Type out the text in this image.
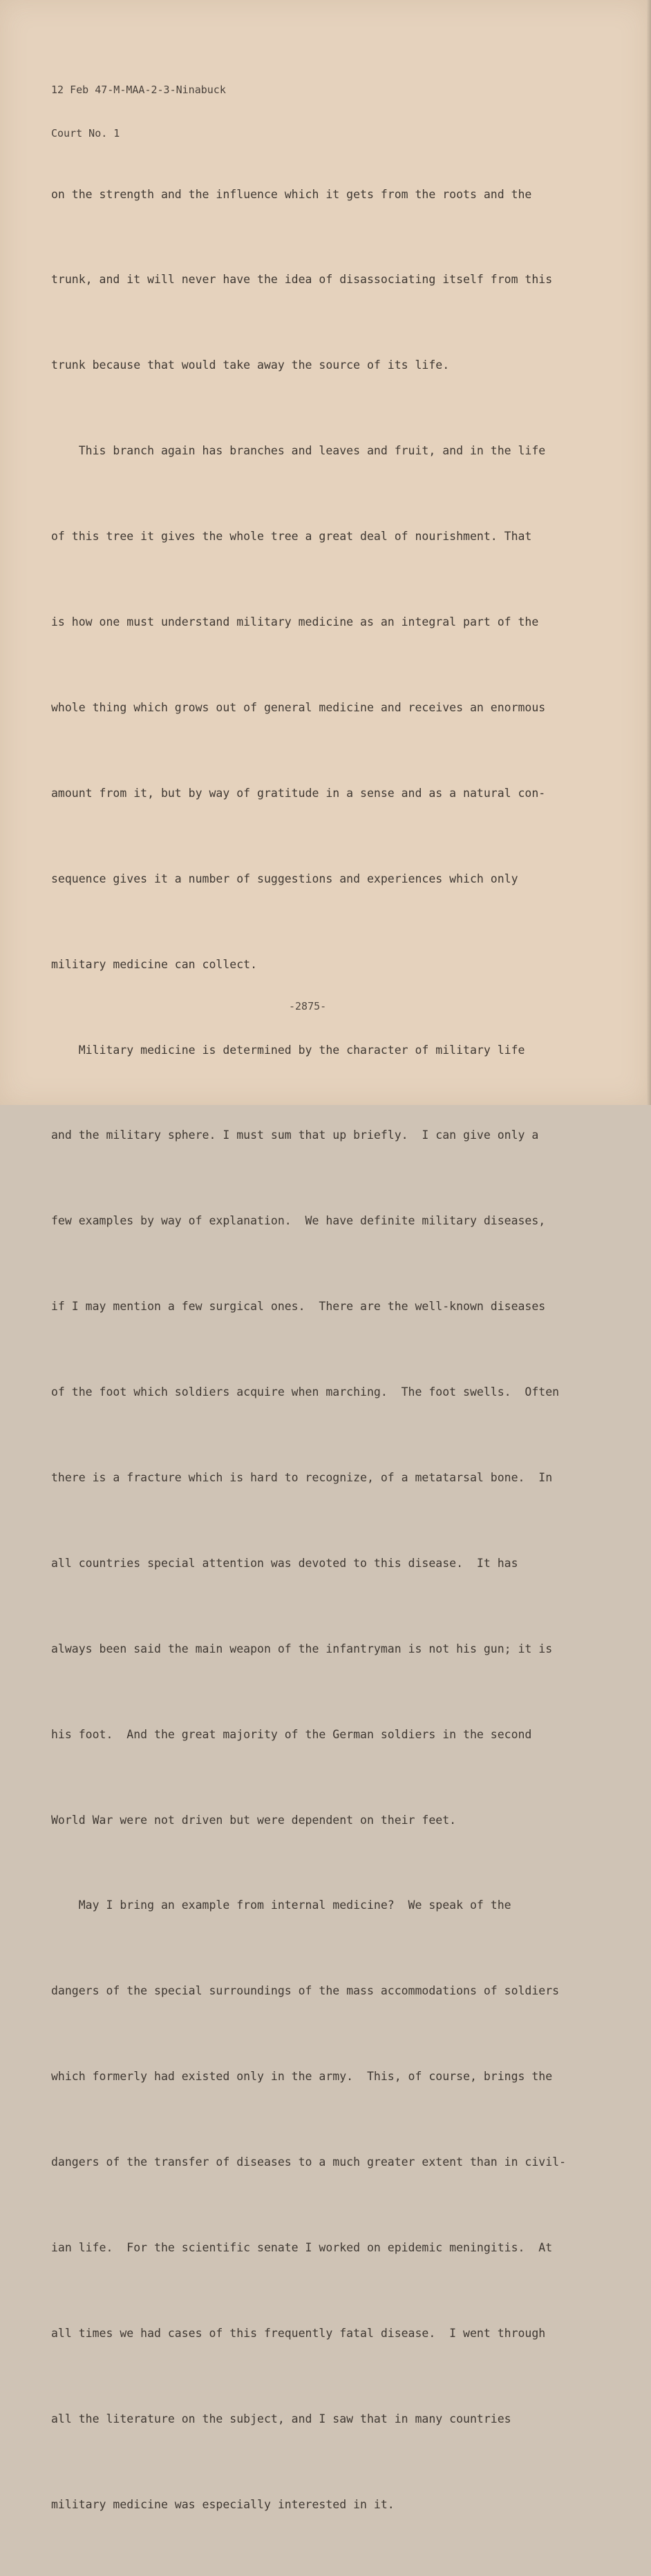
12 Feb 47-M-MAA-2-3-Ninabuck

Court No. 1

on the strength and the influence which it gets from the roots and the

trunk, and it will never have the idea of disassociating itself from this

trunk because that would take away the source of its life.

This branch again has branches and leaves and fruit, and in the life

of this tree it gives the whole tree a great deal of nourishment. That

is how one must understand military medicine as an integral part of the

whole thing which grows out of general medicine and receives an enormous

amount from it, but by way of gratitude in a sense and as a natural con-

sequence gives it a number of suggestions and experiences which only

military medicine can collect.

Military medicine is determined by the character of military life

and the military sphere. I must sum that up briefly.  I can give only a

few examples by way of explanation.  We have definite military diseases,

if I may mention a few surgical ones.  There are the well-known diseases

of the foot which soldiers acquire when marching.  The foot swells.  Often

there is a fracture which is hard to recognize, of a metatarsal bone.  In

all countries special attention was devoted to this disease.  It has

always been said the main weapon of the infantryman is not his gun; it is

his foot.  And the great majority of the German soldiers in the second

World War were not driven but were dependent on their feet.

May I bring an example from internal medicine?  We speak of the

dangers of the special surroundings of the mass accommodations of soldiers

which formerly had existed only in the army.  This, of course, brings the

dangers of the transfer of diseases to a much greater extent than in civil-

ian life.  For the scientific senate I worked on epidemic meningitis.  At

all times we had cases of this frequently fatal disease.  I went through

all the literature on the subject, and I saw that in many countries

military medicine was especially interested in it.

-2875-
